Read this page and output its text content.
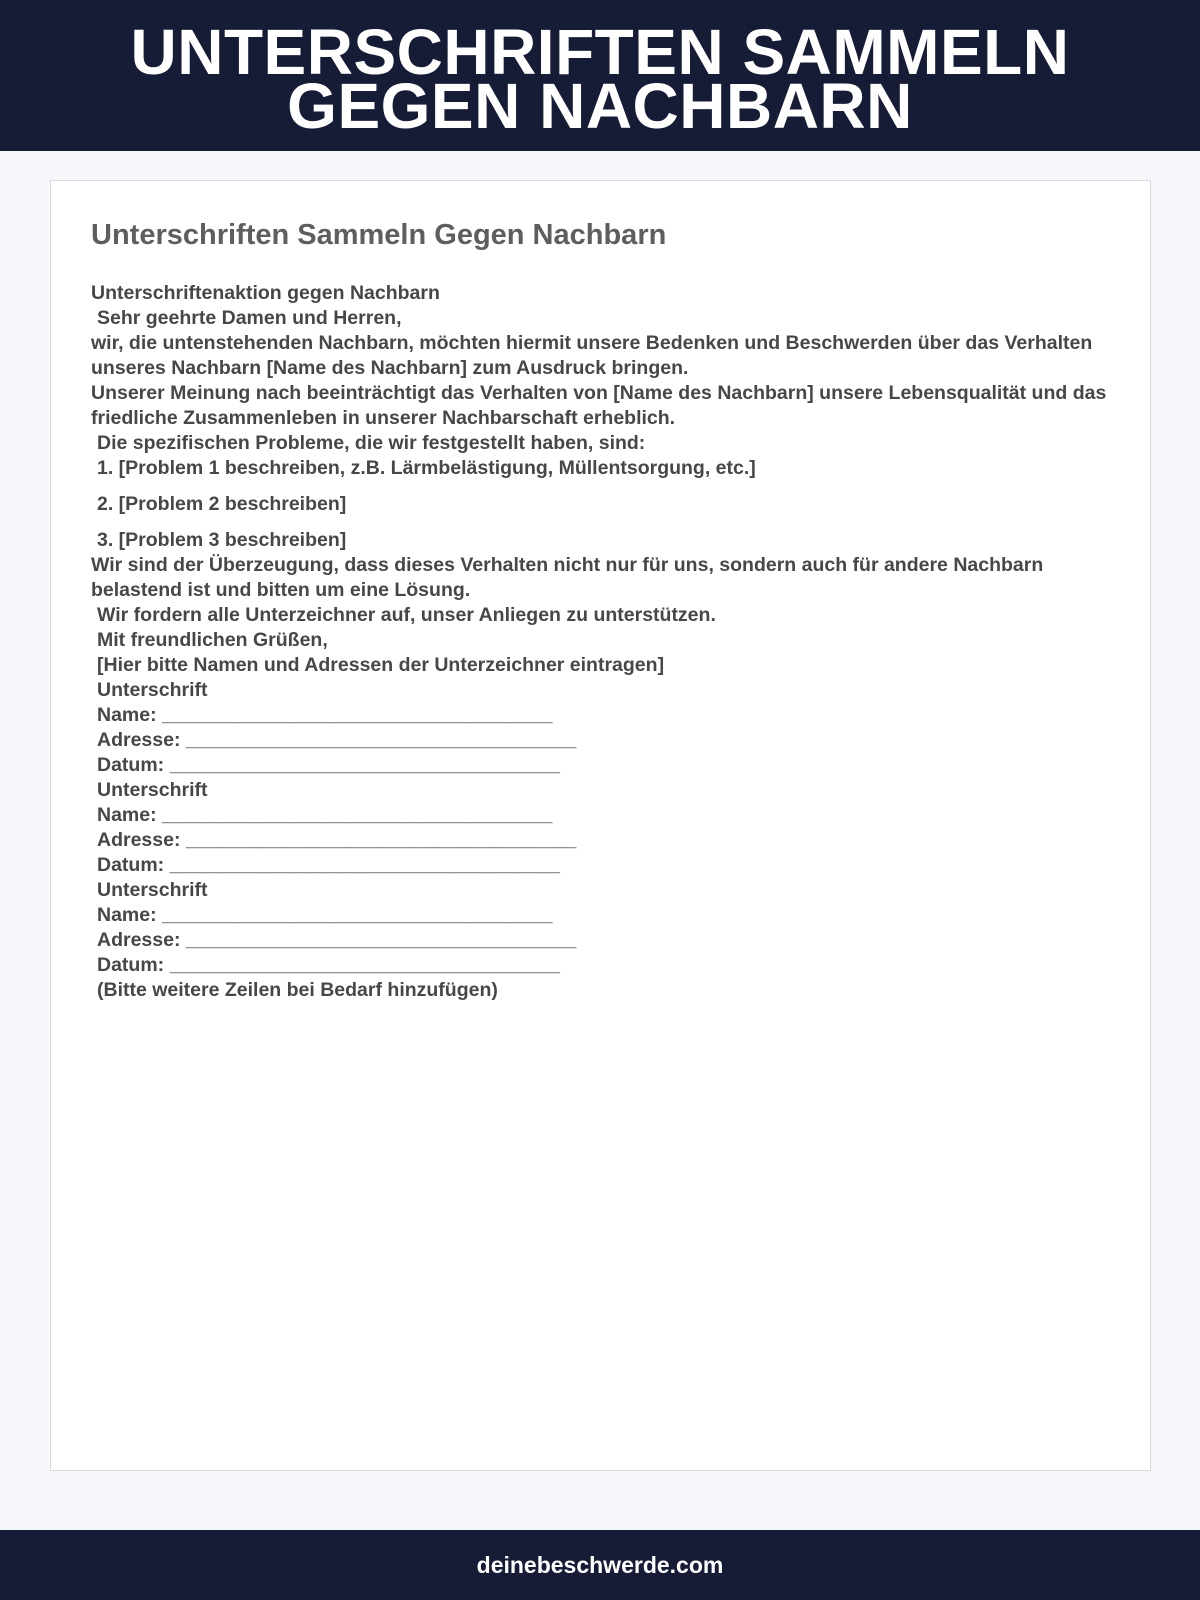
UNTERSCHRIFTEN SAMMELN
GEGEN NACHBARN
Unterschriften Sammeln Gegen Nachbarn
Unterschriftenaktion gegen Nachbarn
Sehr geehrte Damen und Herren,
wir, die untenstehenden Nachbarn, möchten hiermit unsere Bedenken und Beschwerden über das Verhalten unseres Nachbarn [Name des Nachbarn] zum Ausdruck bringen.
Unserer Meinung nach beeinträchtigt das Verhalten von [Name des Nachbarn] unsere Lebensqualität und das friedliche Zusammenleben in unserer Nachbarschaft erheblich.
Die spezifischen Probleme, die wir festgestellt haben, sind:
1. [Problem 1 beschreiben, z.B. Lärmbelästigung, Müllentsorgung, etc.]
2. [Problem 2 beschreiben]
3. [Problem 3 beschreiben]
Wir sind der Überzeugung, dass dieses Verhalten nicht nur für uns, sondern auch für andere Nachbarn belastend ist und bitten um eine Lösung.
Wir fordern alle Unterzeichner auf, unser Anliegen zu unterstützen.
Mit freundlichen Grüßen,
[Hier bitte Namen und Adressen der Unterzeichner eintragen]
Unterschrift
Name: ____________________________________
Adresse: ____________________________________
Datum: ____________________________________
Unterschrift
Name: ____________________________________
Adresse: ____________________________________
Datum: ____________________________________
Unterschrift
Name: ____________________________________
Adresse: ____________________________________
Datum: ____________________________________
(Bitte weitere Zeilen bei Bedarf hinzufügen)
deinebeschwerde.com
